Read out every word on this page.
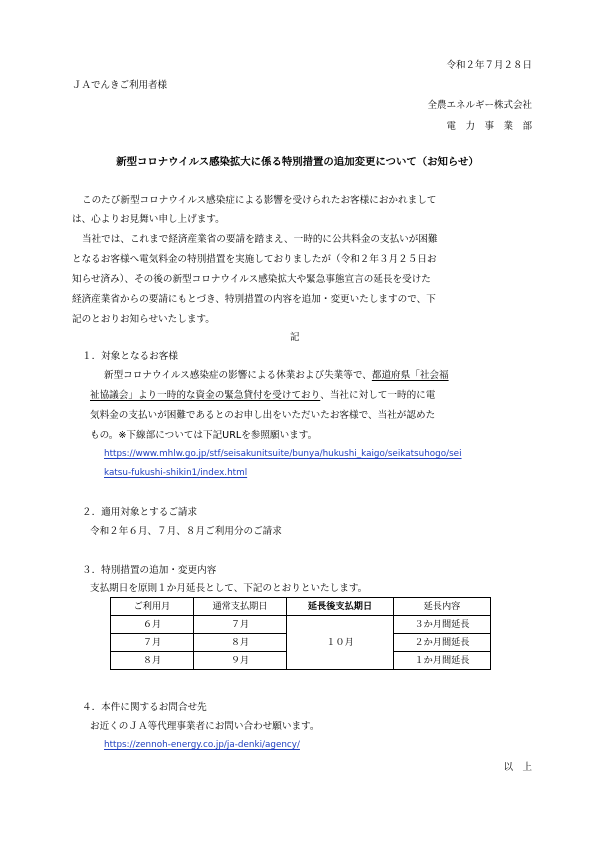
令和２年７月２８日
ＪＡでんきご利用者様
全農エネルギー株式会社
電　力　事　業　部
新型コロナウイルス感染拡大に係る特別措置の追加変更について（お知らせ）
このたび新型コロナウイルス感染症による影響を受けられたお客様におかれまして
は、心よりお見舞い申し上げます。
当社では、これまで経済産業省の要請を踏まえ、一時的に公共料金の支払いが困難
となるお客様へ電気料金の特別措置を実施しておりましたが（令和２年３月２５日お
知らせ済み）、その後の新型コロナウイルス感染拡大や緊急事態宣言の延長を受けた
経済産業省からの要請にもとづき、特別措置の内容を追加・変更いたしますので、下
記のとおりお知らせいたします。
記
１．対象となるお客様
新型コロナウイルス感染症の影響による休業および失業等で、都道府県「社会福
祉協議会」より一時的な資金の緊急貸付を受けており、当社に対して一時的に電
気料金の支払いが困難であるとのお申し出をいただいたお客様で、当社が認めた
もの。※下線部については下記URLを参照願います。
https://www.mhlw.go.jp/stf/seisakunitsuite/bunya/hukushi_kaigo/seikatsuhogo/sei
katsu-fukushi-shikin1/index.html
２．適用対象とするご請求
令和２年６月、７月、８月ご利用分のご請求
３．特別措置の追加・変更内容
支払期日を原則１か月延長として、下記のとおりといたします。
ご利用月	通常支払期日	延長後支払期日	延長内容
６月	７月	１０月	３か月間延長
７月	８月		２か月間延長
８月	９月		１か月間延長
４．本件に関するお問合せ先
お近くのＪＡ等代理事業者にお問い合わせ願います。
https://zennoh-energy.co.jp/ja-denki/agency/
以　上
